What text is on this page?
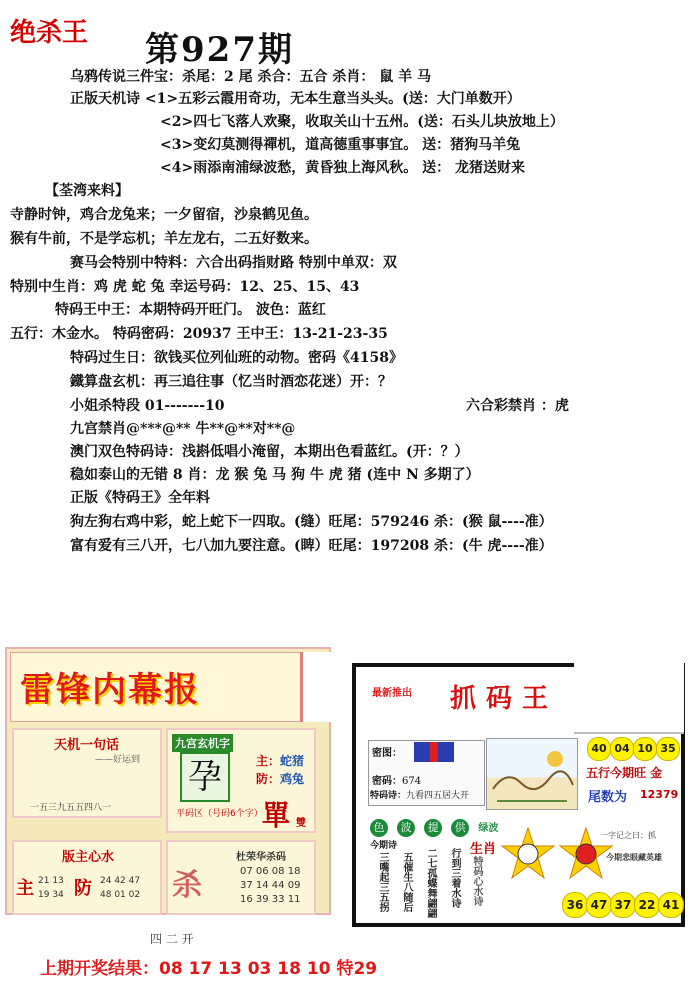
绝杀王 第927期
乌鸦传说三件宝：杀尾：2 尾 杀合：五合 杀肖： 鼠 羊 马
正版天机诗 <1>五彩云霞用奇功，无本生意当头头。(送：大门单数开）
<2>四七飞落人欢聚，收取关山十五州。(送：石头儿块放地上）
<3>变幻莫测得禪机，道高德重事事宜。 送：猪狗马羊兔
<4>雨添南浦绿波愁，黄昏独上海风秋。 送： 龙猪送财来
【荃湾来料】
寺静时钟，鸡合龙兔来；一夕留宿，沙泉鹤见鱼。
猴有牛前，不是学忘机；羊左龙右，二五好数来。
赛马会特别中特料：六合出码指财路 特别中单双：双
特别中生肖：鸡 虎 蛇 兔 幸运号码：12、25、15、43
特码王中王：本期特码开旺门。 波色：蓝红
五行：木金水。 特码密码：20937 王中王：13-21-23-35
特码过生日：欲钱买位列仙班的动物。密码《4158》
鐵算盘玄机：再三追往事（忆当时酒恋花迷）开：？
小姐杀特段 01-------10	六合彩禁肖 ：虎
九宫禁肖@***@** 牛**@**对**@
澳门双色特码诗：浅斟低唱小淹留，本期出色看蓝红。(开：？）
稳如泰山的无错 8 肖：龙 猴 兔 马 狗 牛 虎 猪 (连中 N 多期了）
正版《特码王》全年料
狗左狗右鸡中彩，蛇上蛇下一四取。(缝）旺尾：579246 杀：(猴 鼠----准）
富有爱有三八开，七八加九要注意。(睥）旺尾：197208 杀：(牛 虎----准）
雷锋内幕报
天机一句话
——好运到
一五三九五五四八一
九宫玄机字
孕
平码区（号码6个字）
主：蛇猪
防：鸡兔
單 雙
版主心水
主 21 13
19 34 防 24 42 47
48 01 02
杜荣华杀码
杀	07 06 08 18
37 14 44 09
16 39 33 11
四 二 开
最新推出 抓码王
40 04 10 35
五行今期旺 金
尾数为 12379
密图：
密码：674
特码诗：九看四五居大开
色 波 提 供 绿波
今期诗
三嘴起三五拐 五催生八随后 二七孤蝶舞翩翩 行到三着水诗 生肖
特码心水诗
一字记之曰：抓
今期悲眼藏英雄
36 47 37 22 41
上期开奖结果：08 17 13 03 18 10 特29
